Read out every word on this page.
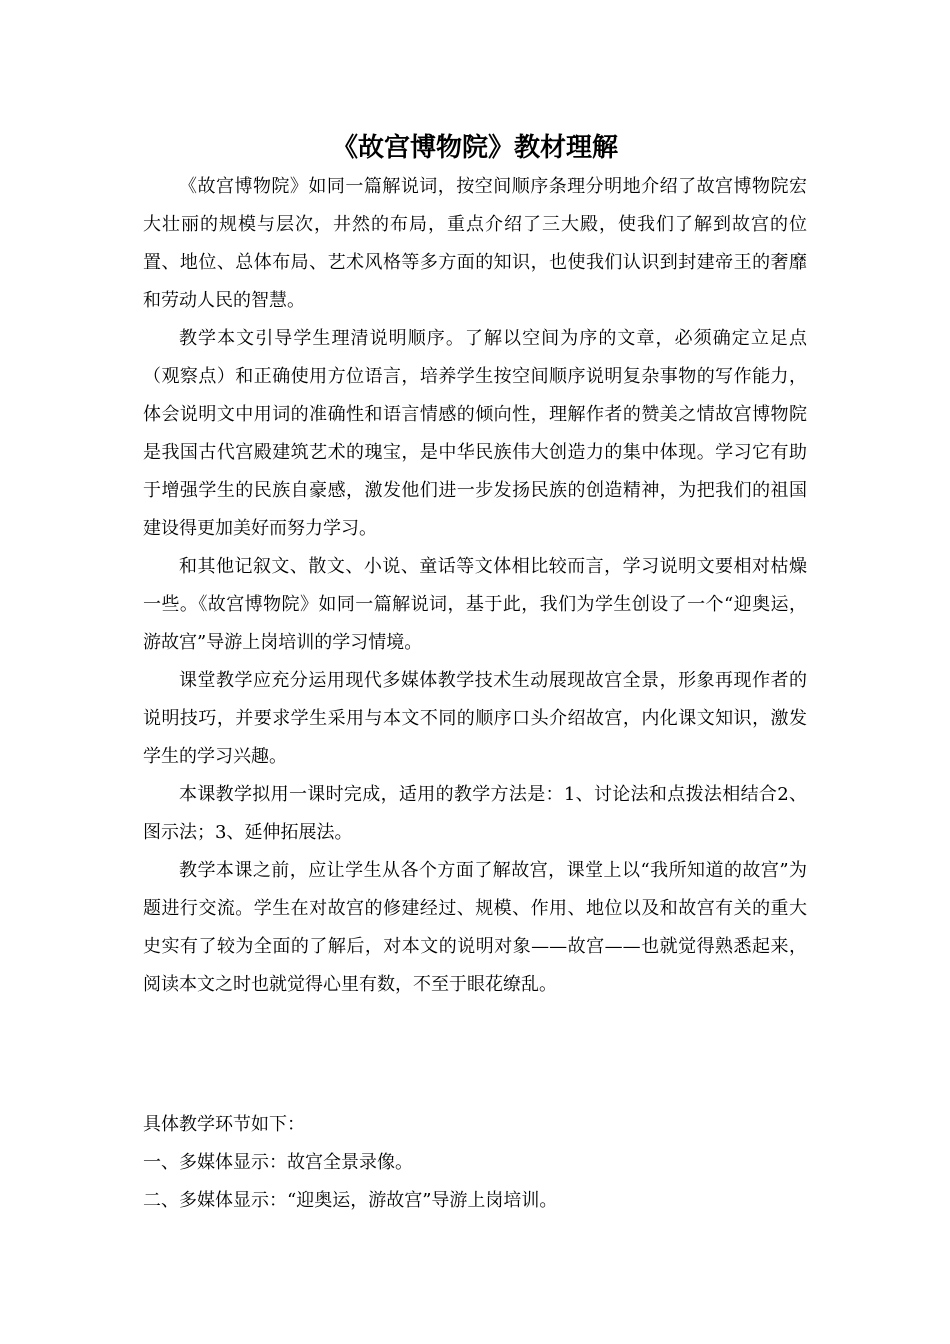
《故宫博物院》教材理解

《故宫博物院》如同一篇解说词，按空间顺序条理分明地介绍了故宫博物院宏大壮丽的规模与层次，井然的布局，重点介绍了三大殿，使我们了解到故宫的位置、地位、总体布局、艺术风格等多方面的知识，也使我们认识到封建帝王的奢靡和劳动人民的智慧。

教学本文引导学生理清说明顺序。了解以空间为序的文章，必须确定立足点（观察点）和正确使用方位语言，培养学生按空间顺序说明复杂事物的写作能力，体会说明文中用词的准确性和语言情感的倾向性，理解作者的赞美之情故宫博物院是我国古代宫殿建筑艺术的瑰宝，是中华民族伟大创造力的集中体现。学习它有助于增强学生的民族自豪感，激发他们进一步发扬民族的创造精神，为把我们的祖国建设得更加美好而努力学习。

和其他记叙文、散文、小说、童话等文体相比较而言，学习说明文要相对枯燥一些。《故宫博物院》如同一篇解说词，基于此，我们为学生创设了一个“迎奥运，游故宫”导游上岗培训的学习情境。

课堂教学应充分运用现代多媒体教学技术生动展现故宫全景，形象再现作者的说明技巧，并要求学生采用与本文不同的顺序口头介绍故宫，内化课文知识，激发学生的学习兴趣。

本课教学拟用一课时完成，适用的教学方法是：1、讨论法和点拨法相结合2、图示法；3、延伸拓展法。

教学本课之前，应让学生从各个方面了解故宫，课堂上以“我所知道的故宫”为题进行交流。学生在对故宫的修建经过、规模、作用、地位以及和故宫有关的重大史实有了较为全面的了解后，对本文的说明对象——故宫——也就觉得熟悉起来，阅读本文之时也就觉得心里有数，不至于眼花缭乱。

具体教学环节如下：

一、多媒体显示：故宫全景录像。

二、多媒体显示：“迎奥运，游故宫”导游上岗培训。
